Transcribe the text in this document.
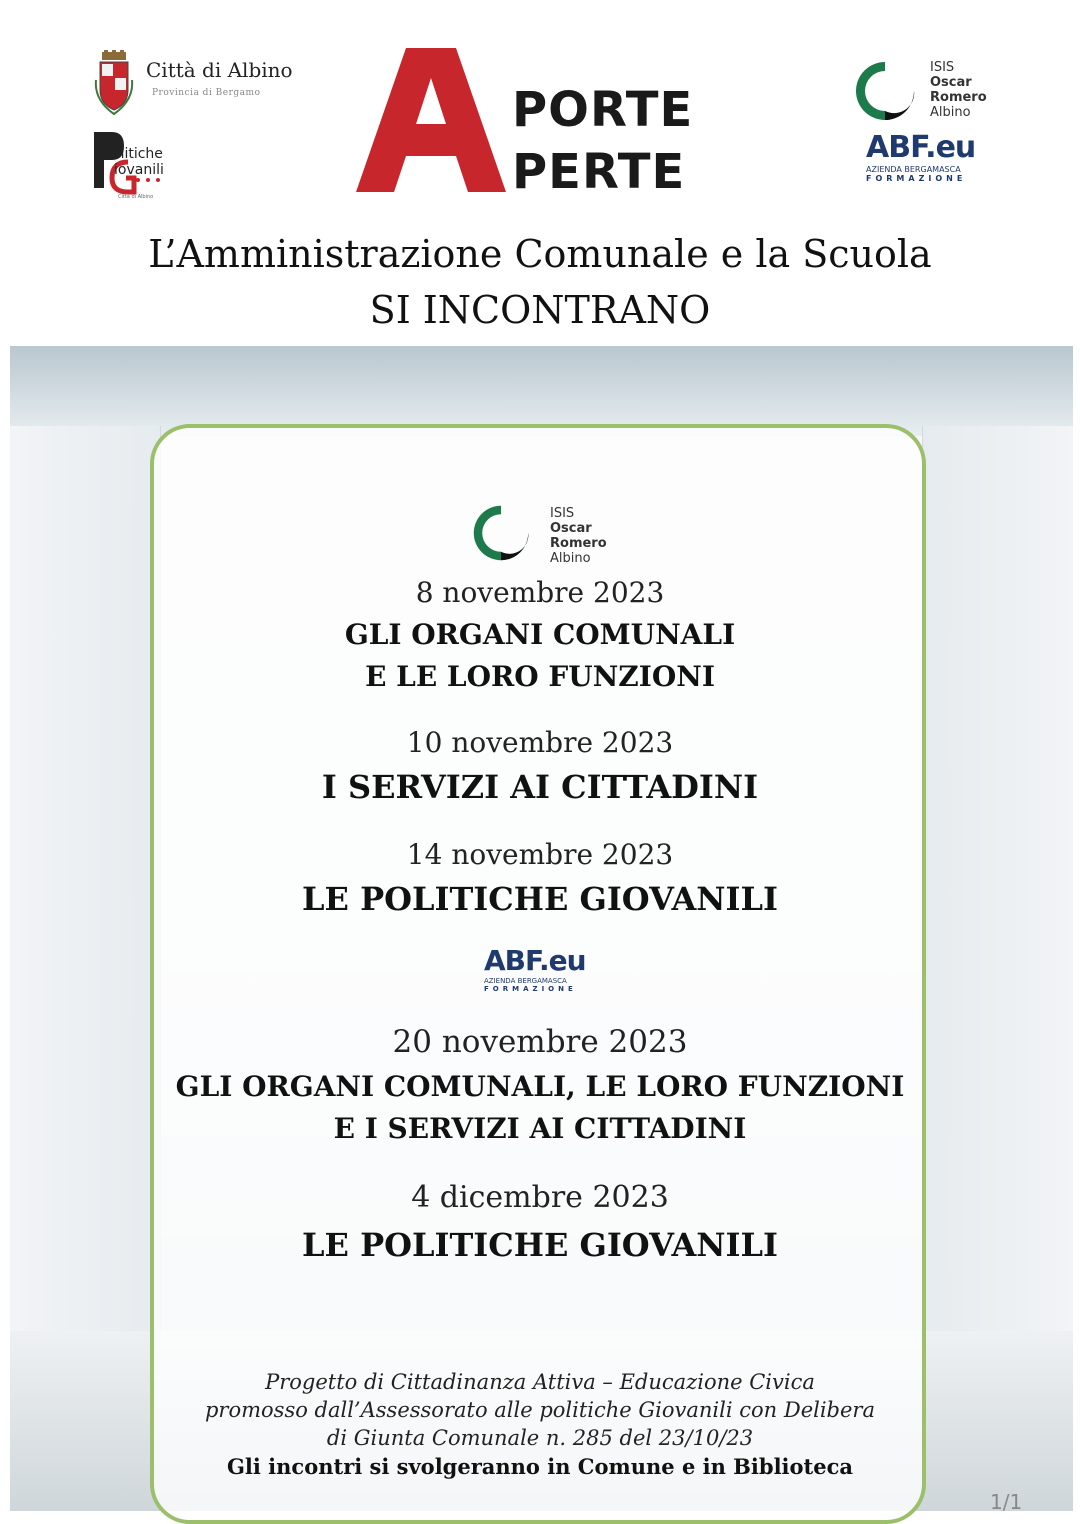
Città di Albino
Provincia di Bergamo
olitiche
iovanili
Città di Albino
PORTE
PERTE
ISIS
Oscar
Romero
Albino
ABF.eu
AZIENDA BERGAMASCA
FORMAZIONE
L’Amministrazione Comunale e la Scuola
SI INCONTRANO
ISIS
Oscar
Romero
Albino
8 novembre 2023
GLI ORGANI COMUNALI
E LE LORO FUNZIONI
10 novembre 2023
I SERVIZI AI CITTADINI
14 novembre 2023
LE POLITICHE GIOVANILI
ABF.eu
AZIENDA BERGAMASCA
FORMAZIONE
20 novembre 2023
GLI ORGANI COMUNALI, LE LORO FUNZIONI
E I SERVIZI AI CITTADINI
4 dicembre 2023
LE POLITICHE GIOVANILI
Progetto di Cittadinanza Attiva – Educazione Civica
promosso dall’Assessorato alle politiche Giovanili con Delibera
di Giunta Comunale n. 285 del 23/10/23
Gli incontri si svolgeranno in Comune e in Biblioteca
1/1
